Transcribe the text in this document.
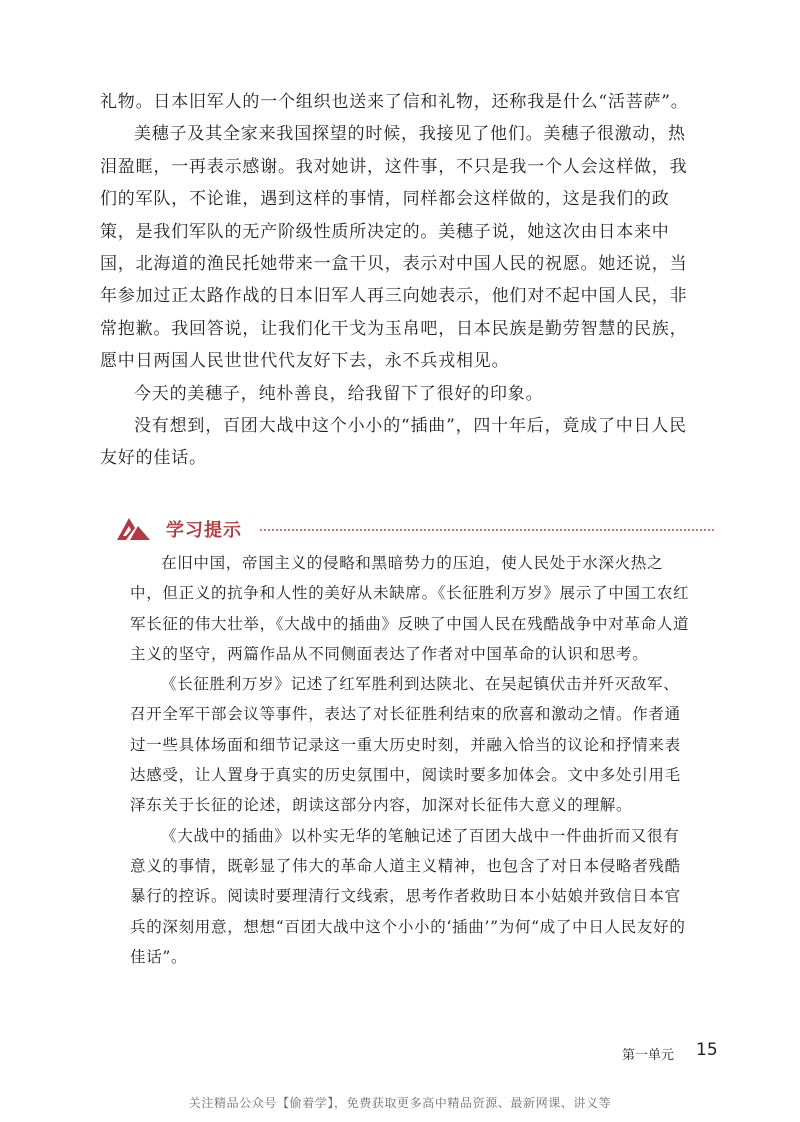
礼物。日本旧军人的一个组织也送来了信和礼物，还称我是什么“活菩萨”。

美穗子及其全家来我国探望的时候，我接见了他们。美穗子很激动，热泪盈眶，一再表示感谢。我对她讲，这件事，不只是我一个人会这样做，我们的军队，不论谁，遇到这样的事情，同样都会这样做的，这是我们的政策，是我们军队的无产阶级性质所决定的。美穗子说，她这次由日本来中国，北海道的渔民托她带来一盒干贝，表示对中国人民的祝愿。她还说，当年参加过正太路作战的日本旧军人再三向她表示，他们对不起中国人民，非常抱歉。我回答说，让我们化干戈为玉帛吧，日本民族是勤劳智慧的民族，愿中日两国人民世世代代友好下去，永不兵戎相见。

今天的美穗子，纯朴善良，给我留下了很好的印象。

没有想到，百团大战中这个小小的“插曲”，四十年后，竟成了中日人民友好的佳话。

学习提示

在旧中国，帝国主义的侵略和黑暗势力的压迫，使人民处于水深火热之中，但正义的抗争和人性的美好从未缺席。《长征胜利万岁》展示了中国工农红军长征的伟大壮举，《大战中的插曲》反映了中国人民在残酷战争中对革命人道主义的坚守，两篇作品从不同侧面表达了作者对中国革命的认识和思考。

《长征胜利万岁》记述了红军胜利到达陕北、在吴起镇伏击并歼灭敌军、召开全军干部会议等事件，表达了对长征胜利结束的欣喜和激动之情。作者通过一些具体场面和细节记录这一重大历史时刻，并融入恰当的议论和抒情来表达感受，让人置身于真实的历史氛围中，阅读时要多加体会。文中多处引用毛泽东关于长征的论述，朗读这部分内容，加深对长征伟大意义的理解。

《大战中的插曲》以朴实无华的笔触记述了百团大战中一件曲折而又很有意义的事情，既彰显了伟大的革命人道主义精神，也包含了对日本侵略者残酷暴行的控诉。阅读时要理清行文线索，思考作者救助日本小姑娘并致信日本官兵的深刻用意，想想“百团大战中这个小小的‘插曲’”为何“成了中日人民友好的佳话”。

第一单元 15
关注精品公众号【偷着学】，免费获取更多高中精品资源、最新网课、讲义等
